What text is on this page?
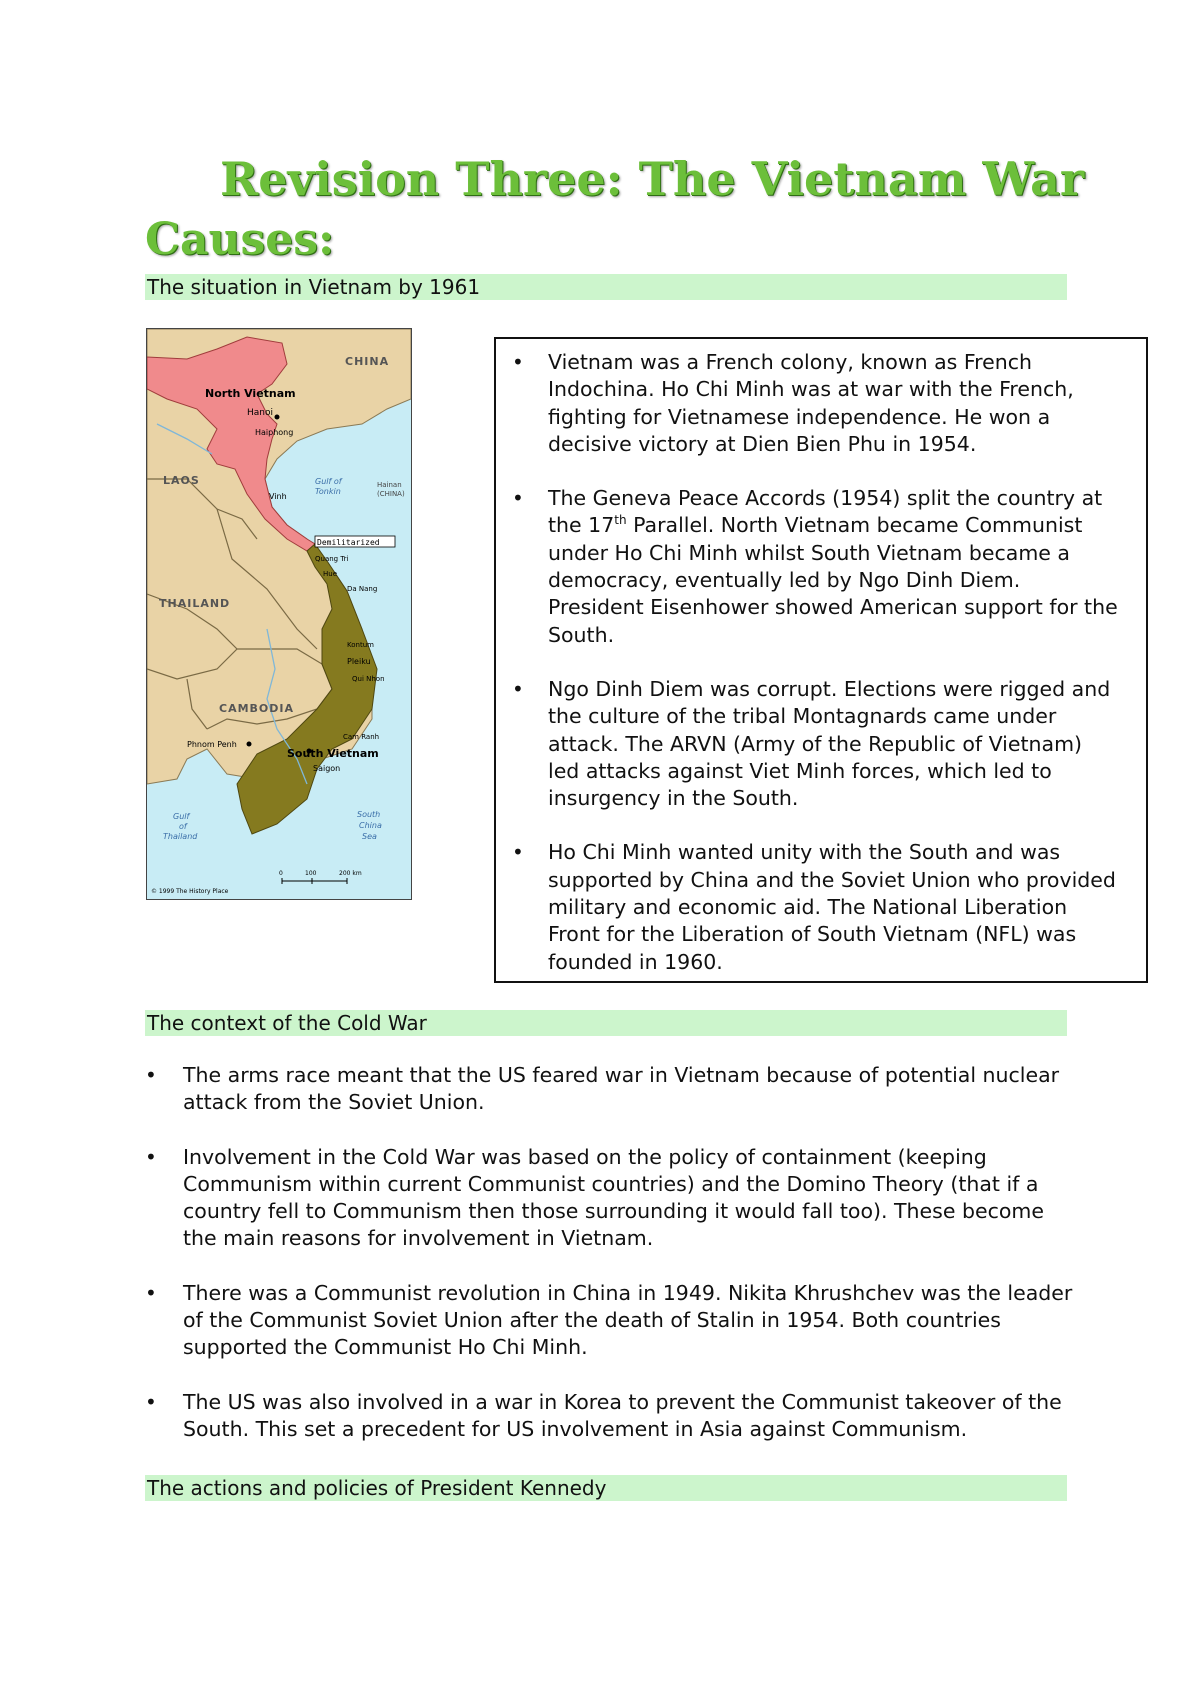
Revision Three: The Vietnam War
Causes:
The situation in Vietnam by 1961
CHINA
North Vietnam
Hanoi
Haiphong
LAOS	Gulf of
Tonkin
Hainan
(CHINA)
Vinh
Demilitarized
Quang Tri
Hue
Da Nang
THAILAND
Kontum
Pleiku
Qui Nhon
CAMBODIA
Cam Ranh
Phnom Penh
South Vietnam
Saigon
Gulf
of
Thailand
South
China
Sea
0	100	200 km
© 1999 The History Place
• Vietnam was a French colony, known as French Indochina. Ho Chi Minh was at war with the French, fighting for Vietnamese independence. He won a decisive victory at Dien Bien Phu in 1954.
• The Geneva Peace Accords (1954) split the country at the 17th Parallel. North Vietnam became Communist under Ho Chi Minh whilst South Vietnam became a democracy, eventually led by Ngo Dinh Diem. President Eisenhower showed American support for the South.
• Ngo Dinh Diem was corrupt. Elections were rigged and the culture of the tribal Montagnards came under attack. The ARVN (Army of the Republic of Vietnam) led attacks against Viet Minh forces, which led to insurgency in the South.
• Ho Chi Minh wanted unity with the South and was supported by China and the Soviet Union who provided military and economic aid. The National Liberation Front for the Liberation of South Vietnam (NFL) was founded in 1960.
The context of the Cold War
• The arms race meant that the US feared war in Vietnam because of potential nuclear attack from the Soviet Union.
• Involvement in the Cold War was based on the policy of containment (keeping Communism within current Communist countries) and the Domino Theory (that if a country fell to Communism then those surrounding it would fall too). These become the main reasons for involvement in Vietnam.
• There was a Communist revolution in China in 1949. Nikita Khrushchev was the leader of the Communist Soviet Union after the death of Stalin in 1954. Both countries supported the Communist Ho Chi Minh.
• The US was also involved in a war in Korea to prevent the Communist takeover of the South. This set a precedent for US involvement in Asia against Communism.
The actions and policies of President Kennedy
